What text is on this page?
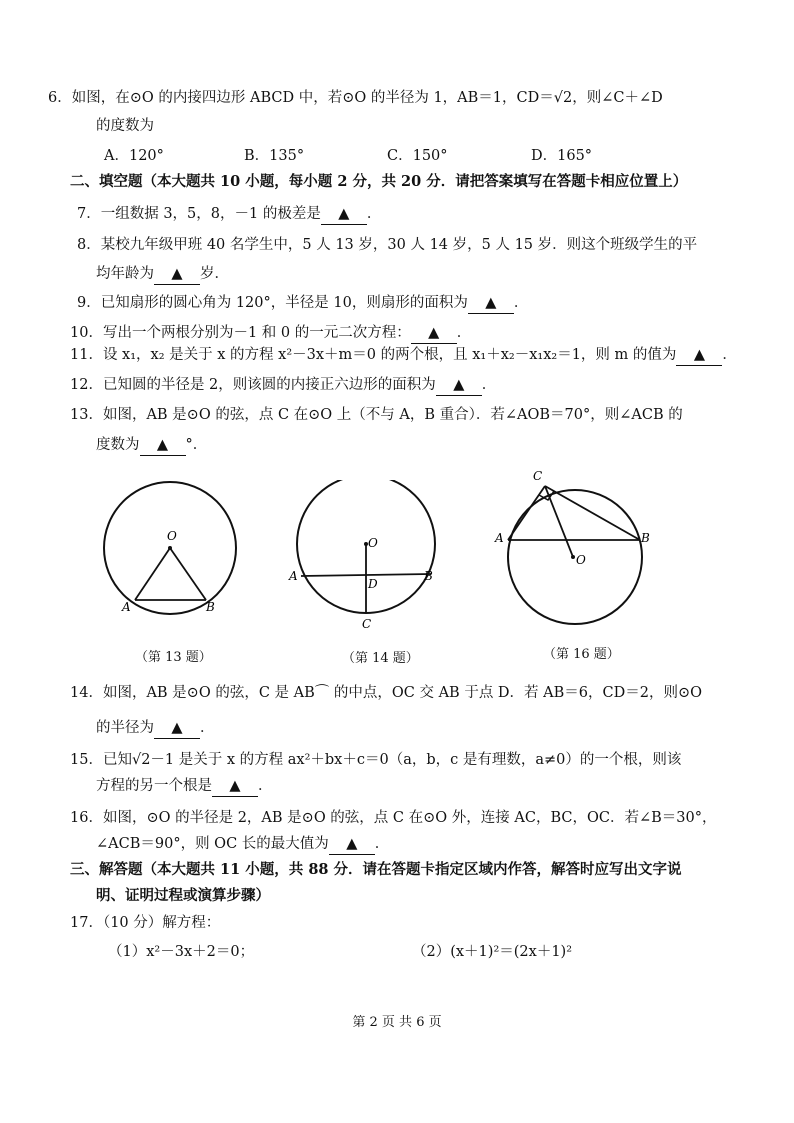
6．如图，在⊙O 的内接四边形 ABCD 中，若⊙O 的半径为 1，AB＝1，CD＝√2，则∠C＋∠D
的度数为
A．120°	B．135°	C．150°	D．165°
二、填空题（本大题共 10 小题，每小题 2 分，共 20 分．请把答案填写在答题卡相应位置上）
7．一组数据 3，5，8，－1 的极差是 ▲ ．
8．某校九年级甲班 40 名学生中，5 人 13 岁，30 人 14 岁，5 人 15 岁．则这个班级学生的平
均年龄为 ▲ 岁．
9．已知扇形的圆心角为 120°，半径是 10，则扇形的面积为 ▲ ．
10．写出一个两根分别为－1 和 0 的一元二次方程： ▲ ．
11．设 x₁，x₂ 是关于 x 的方程 x²－3x＋m＝0 的两个根，且 x₁＋x₂－x₁x₂＝1，则 m 的值为 ▲ ．
12．已知圆的半径是 2，则该圆的内接正六边形的面积为 ▲ ．
13．如图，AB 是⊙O 的弦，点 C 在⊙O 上（不与 A，B 重合）．若∠AOB＝70°，则∠ACB 的
度数为 ▲ °．
O
A	B
（第 13 题）
O
A	B
D
C
（第 14 题）
C
A	B
O
（第 16 题）
14．如图，AB 是⊙O 的弦，C 是 AB⌒ 的中点，OC 交 AB 于点 D．若 AB＝6，CD＝2，则⊙O
的半径为 ▲ ．
15．已知√2－1 是关于 x 的方程 ax²＋bx＋c＝0（a，b，c 是有理数，a≠0）的一个根，则该
方程的另一个根是 ▲ ．
16．如图，⊙O 的半径是 2，AB 是⊙O 的弦，点 C 在⊙O 外，连接 AC，BC，OC．若∠B＝30°，
∠ACB＝90°，则 OC 长的最大值为 ▲ ．
三、解答题（本大题共 11 小题，共 88 分．请在答题卡指定区域内作答，解答时应写出文字说
明、证明过程或演算步骤）
17．（10 分）解方程：
（1）x²－3x＋2＝0；	（2）(x＋1)²＝(2x＋1)²
第 2 页 共 6 页
